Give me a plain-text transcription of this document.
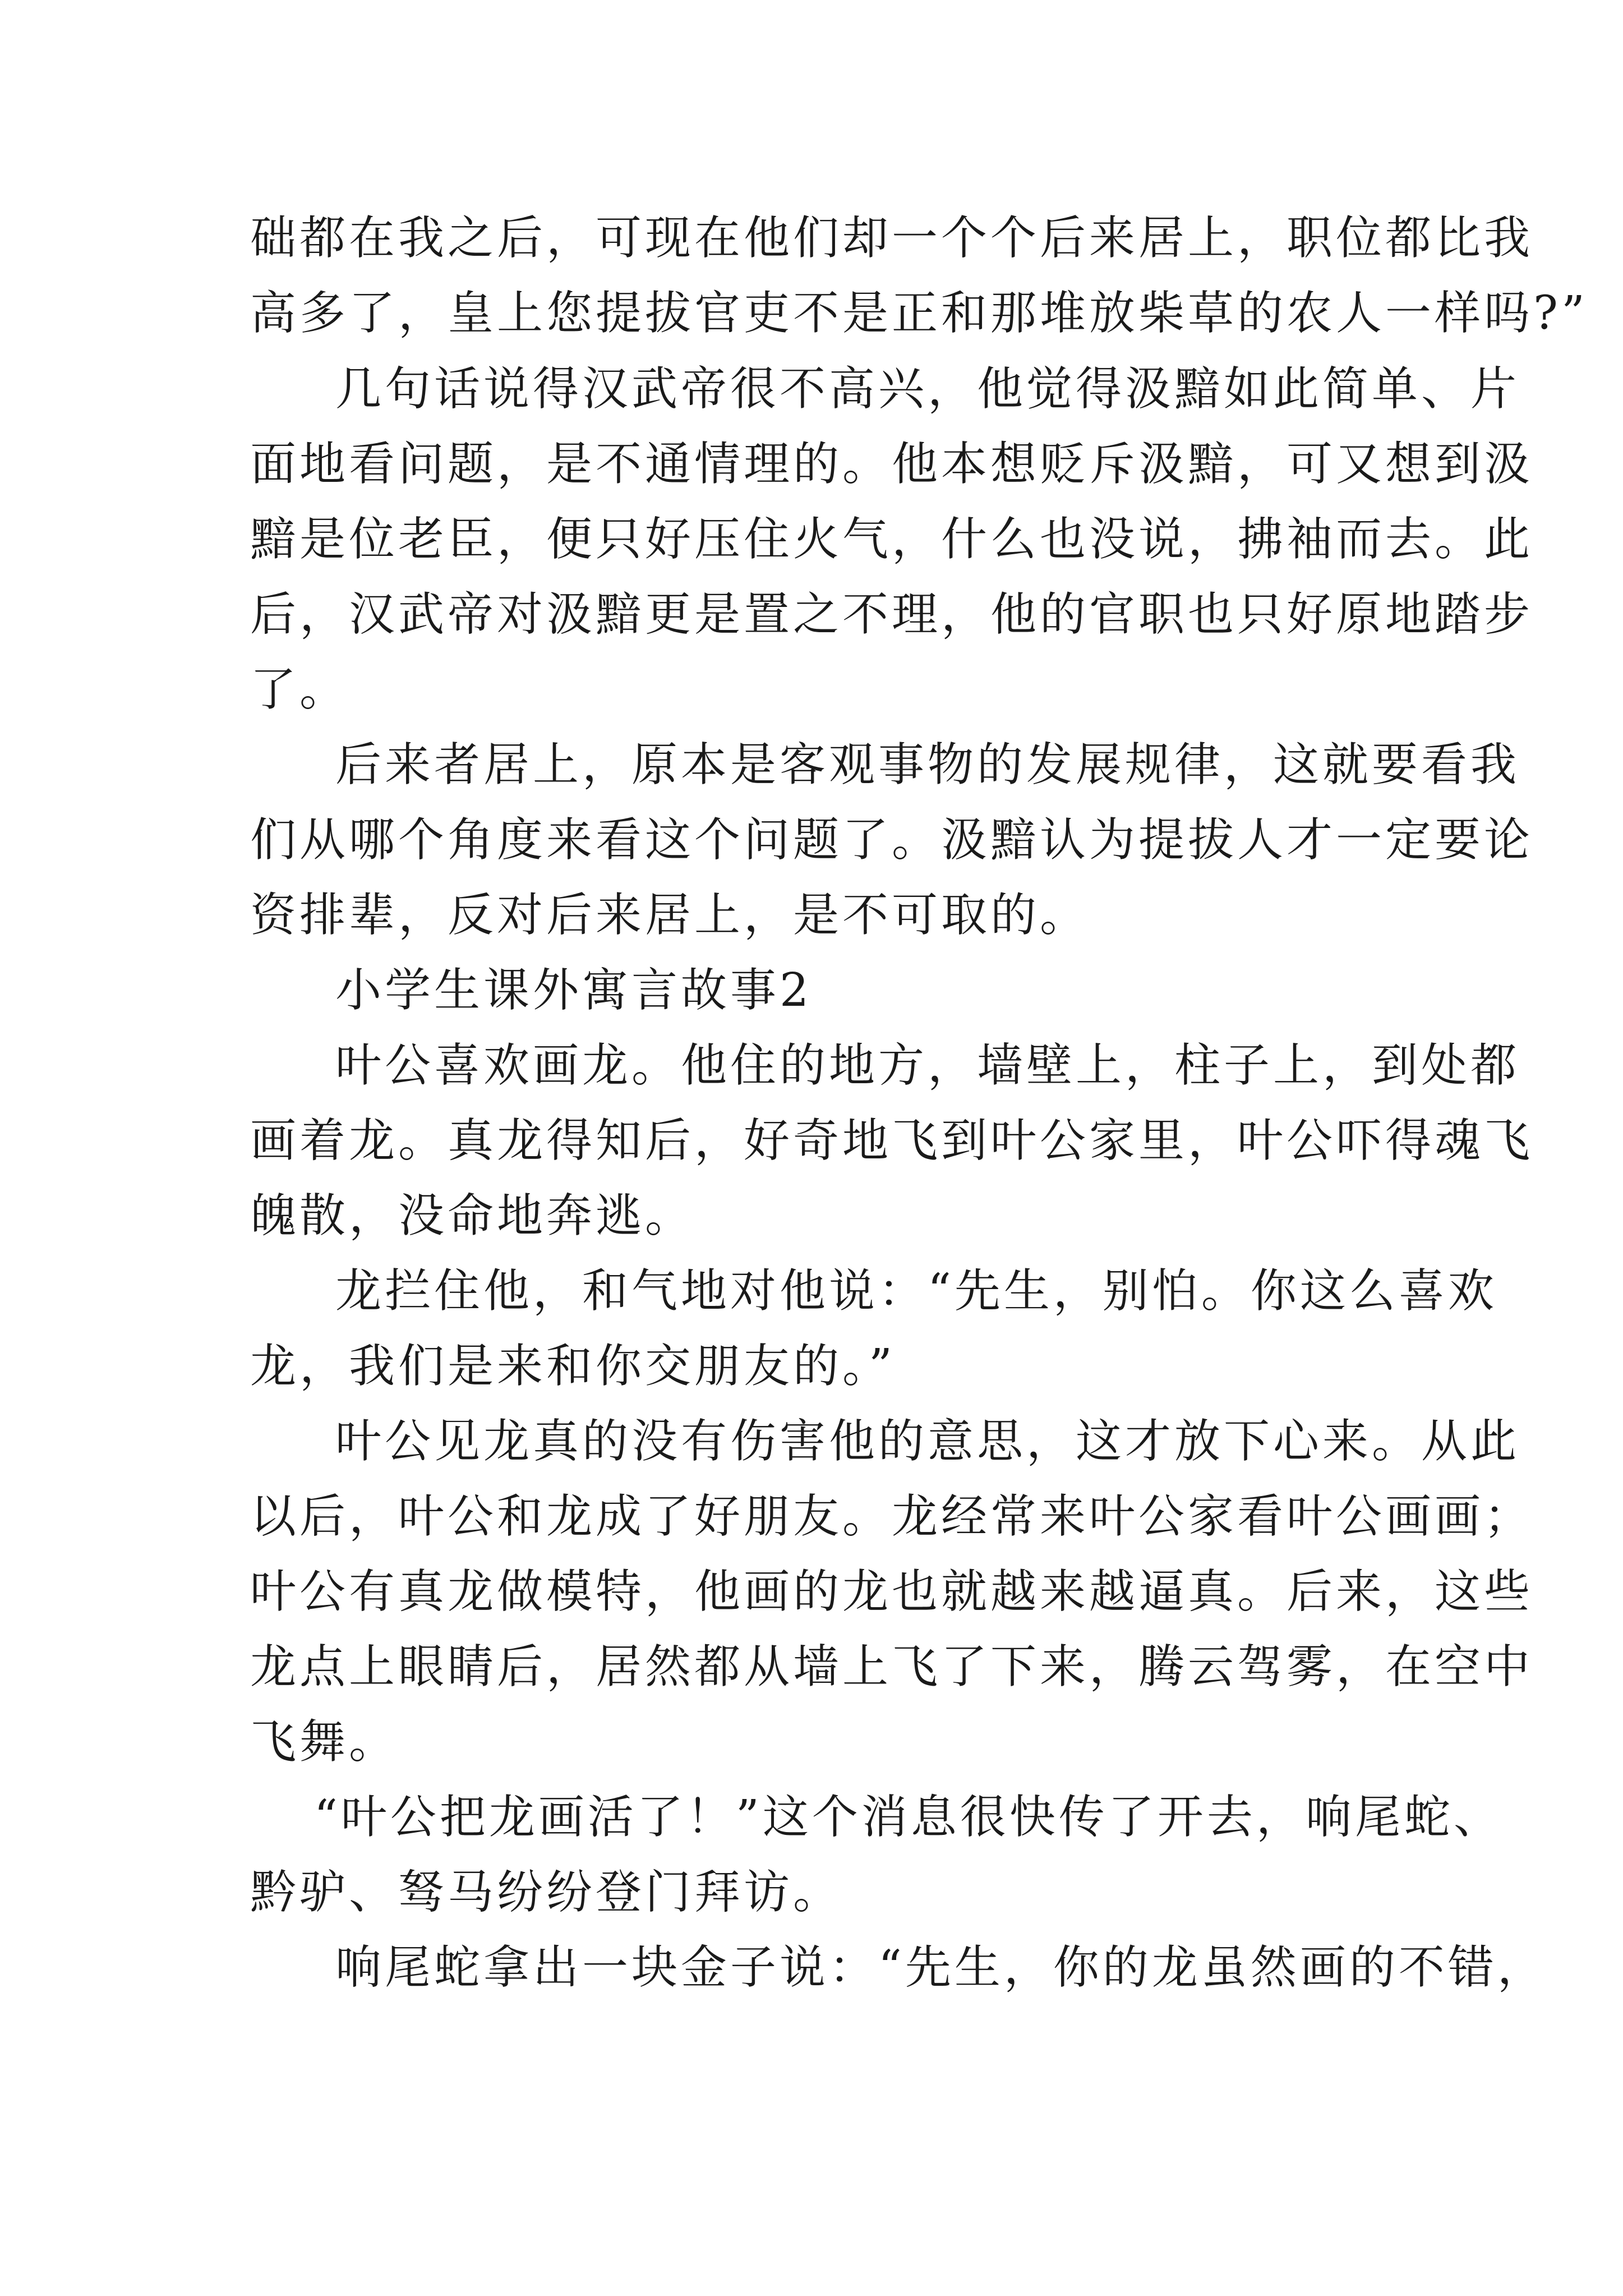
础都在我之后，可现在他们却一个个后来居上，职位都比我
高多了，皇上您提拔官吏不是正和那堆放柴草的农人一样吗?”
几句话说得汉武帝很不高兴，他觉得汲黯如此简单、片
面地看问题，是不通情理的。他本想贬斥汲黯，可又想到汲
黯是位老臣，便只好压住火气，什么也没说，拂袖而去。此
后，汉武帝对汲黯更是置之不理，他的官职也只好原地踏步
了。
后来者居上，原本是客观事物的发展规律，这就要看我
们从哪个角度来看这个问题了。汲黯认为提拔人才一定要论
资排辈，反对后来居上，是不可取的。
小学生课外寓言故事2
叶公喜欢画龙。他住的地方，墙壁上，柱子上，到处都
画着龙。真龙得知后，好奇地飞到叶公家里，叶公吓得魂飞
魄散，没命地奔逃。
龙拦住他，和气地对他说：“先生，别怕。你这么喜欢
龙，我们是来和你交朋友的。”
叶公见龙真的没有伤害他的意思，这才放下心来。从此
以后，叶公和龙成了好朋友。龙经常来叶公家看叶公画画；
叶公有真龙做模特，他画的龙也就越来越逼真。后来，这些
龙点上眼睛后，居然都从墙上飞了下来，腾云驾雾，在空中
飞舞。
“叶公把龙画活了！”这个消息很快传了开去，响尾蛇、
黔驴、驽马纷纷登门拜访。
响尾蛇拿出一块金子说：“先生，你的龙虽然画的不错，
